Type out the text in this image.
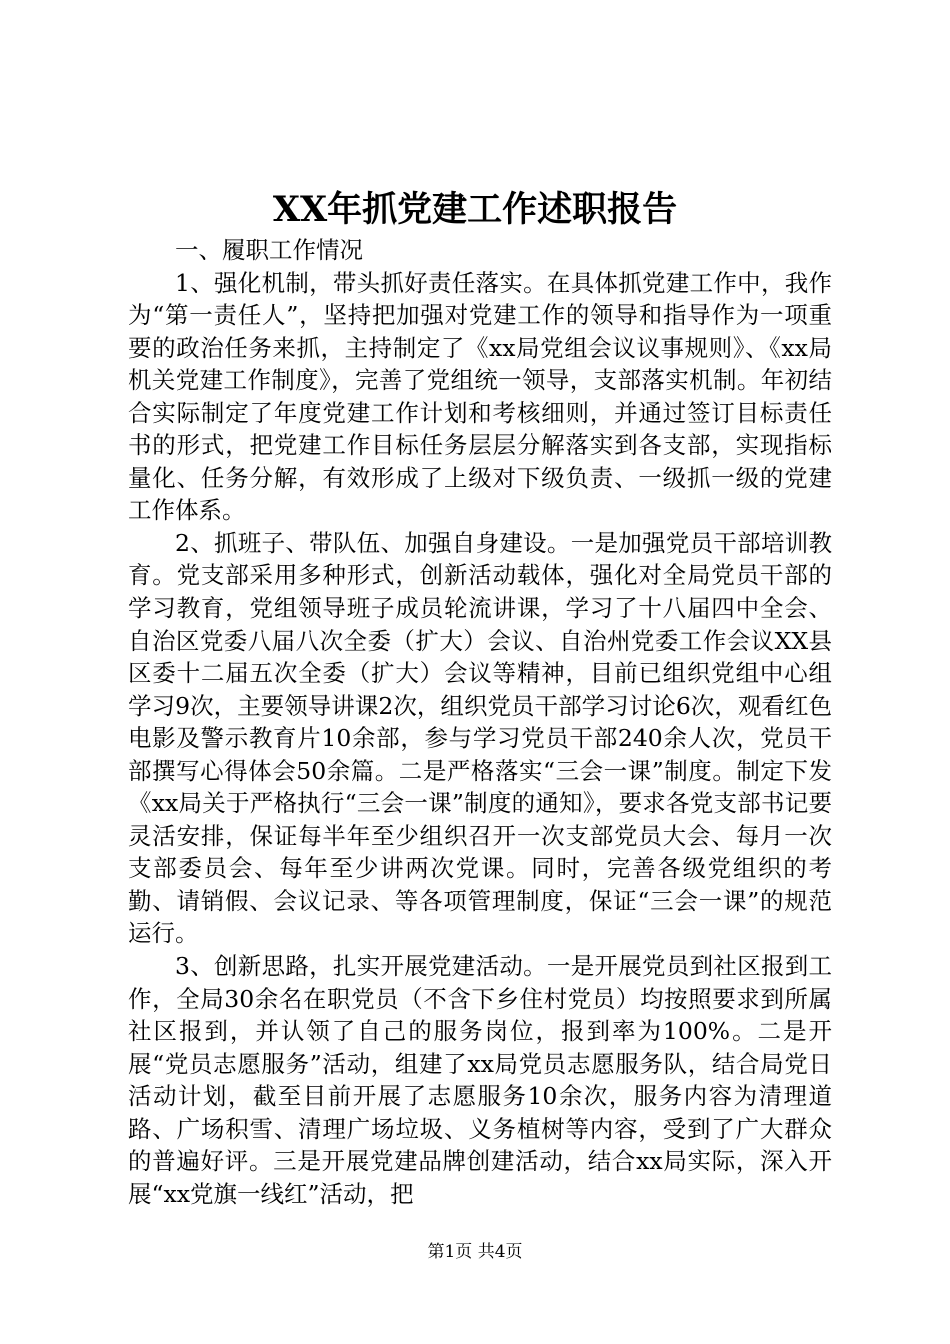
XX年抓党建工作述职报告

一、履职工作情况

1、强化机制，带头抓好责任落实。在具体抓党建工作中，我作为“第一责任人”，坚持把加强对党建工作的领导和指导作为一项重要的政治任务来抓，主持制定了《xx局党组会议议事规则》、《xx局机关党建工作制度》，完善了党组统一领导，支部落实机制。年初结合实际制定了年度党建工作计划和考核细则，并通过签订目标责任书的形式，把党建工作目标任务层层分解落实到各支部，实现指标量化、任务分解，有效形成了上级对下级负责、一级抓一级的党建工作体系。

2、抓班子、带队伍、加强自身建设。一是加强党员干部培训教育。党支部采用多种形式，创新活动载体，强化对全局党员干部的学习教育，党组领导班子成员轮流讲课，学习了十八届四中全会、自治区党委八届八次全委（扩大）会议、自治州党委工作会议XX县区委十二届五次全委（扩大）会议等精神，目前已组织党组中心组学习9次，主要领导讲课2次，组织党员干部学习讨论6次，观看红色电影及警示教育片10余部，参与学习党员干部240余人次，党员干部撰写心得体会50余篇。二是严格落实“三会一课”制度。制定下发《xx局关于严格执行“三会一课”制度的通知》，要求各党支部书记要灵活安排，保证每半年至少组织召开一次支部党员大会、每月一次支部委员会、每年至少讲两次党课。同时，完善各级党组织的考勤、请销假、会议记录、等各项管理制度，保证“三会一课”的规范运行。

3、创新思路，扎实开展党建活动。一是开展党员到社区报到工作，全局30余名在职党员（不含下乡住村党员）均按照要求到所属社区报到，并认领了自己的服务岗位，报到率为100%。二是开展“党员志愿服务”活动，组建了xx局党员志愿服务队，结合局党日活动计划，截至目前开展了志愿服务10余次，服务内容为清理道路、广场积雪、清理广场垃圾、义务植树等内容，受到了广大群众的普遍好评。三是开展党建品牌创建活动，结合xx局实际，深入开展“xx党旗一线红”活动，把

第1页 共4页
